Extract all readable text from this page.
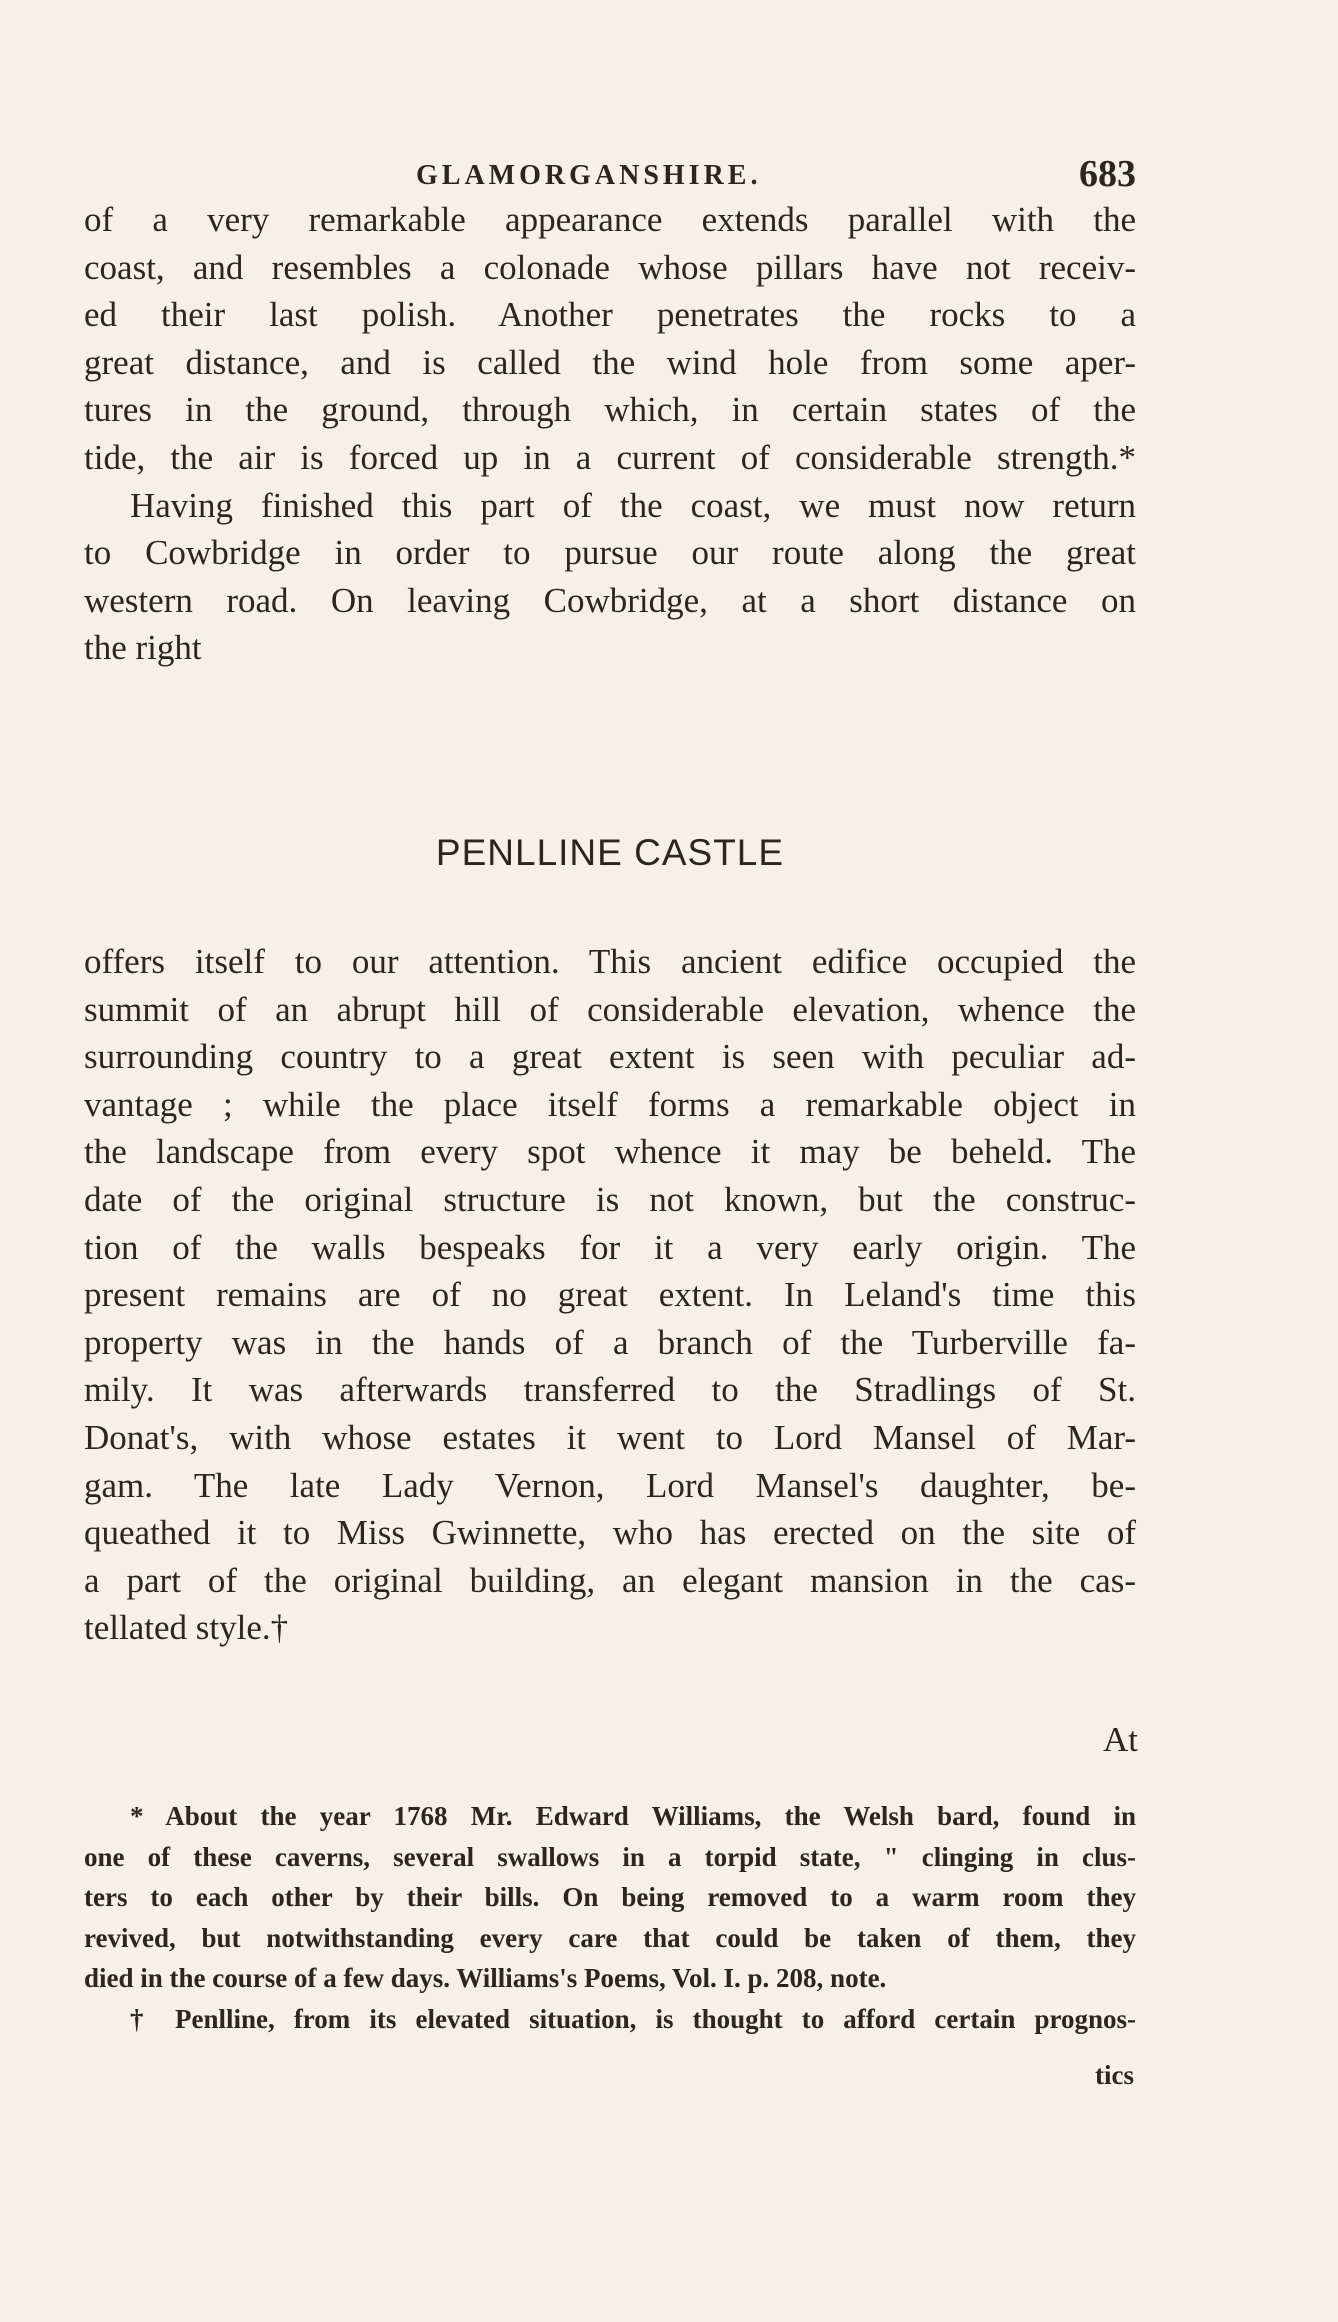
GLAMORGANSHIRE.	683

of a very remarkable appearance extends parallel with the
coast, and resembles a colonade whose pillars have not receiv-
ed their last polish. Another penetrates the rocks to a
great distance, and is called the wind hole from some aper-
tures in the ground, through which, in certain states of the
tide, the air is forced up in a current of considerable strength.*

Having finished this part of the coast, we must now return
to Cowbridge in order to pursue our route along the great
western road. On leaving Cowbridge, at a short distance on
the right

PENLLINE CASTLE

offers itself to our attention. This ancient edifice occupied the
summit of an abrupt hill of considerable elevation, whence the
surrounding country to a great extent is seen with peculiar ad-
vantage ; while the place itself forms a remarkable object in
the landscape from every spot whence it may be beheld. The
date of the original structure is not known, but the construc-
tion of the walls bespeaks for it a very early origin. The
present remains are of no great extent. In Leland's time this
property was in the hands of a branch of the Turberville fa-
mily. It was afterwards transferred to the Stradlings of St.
Donat's, with whose estates it went to Lord Mansel of Mar-
gam. The late Lady Vernon, Lord Mansel's daughter, be-
queathed it to Miss Gwinnette, who has erected on the site of
a part of the original building, an elegant mansion in the cas-
tellated style.†

At

* About the year 1768 Mr. Edward Williams, the Welsh bard, found in
one of these caverns, several swallows in a torpid state, " clinging in clus-
ters to each other by their bills. On being removed to a warm room they
revived, but notwithstanding every care that could be taken of them, they
died in the course of a few days. Williams's Poems, Vol. I. p. 208, note.
† Penlline, from its elevated situation, is thought to afford certain prognos-

tics
